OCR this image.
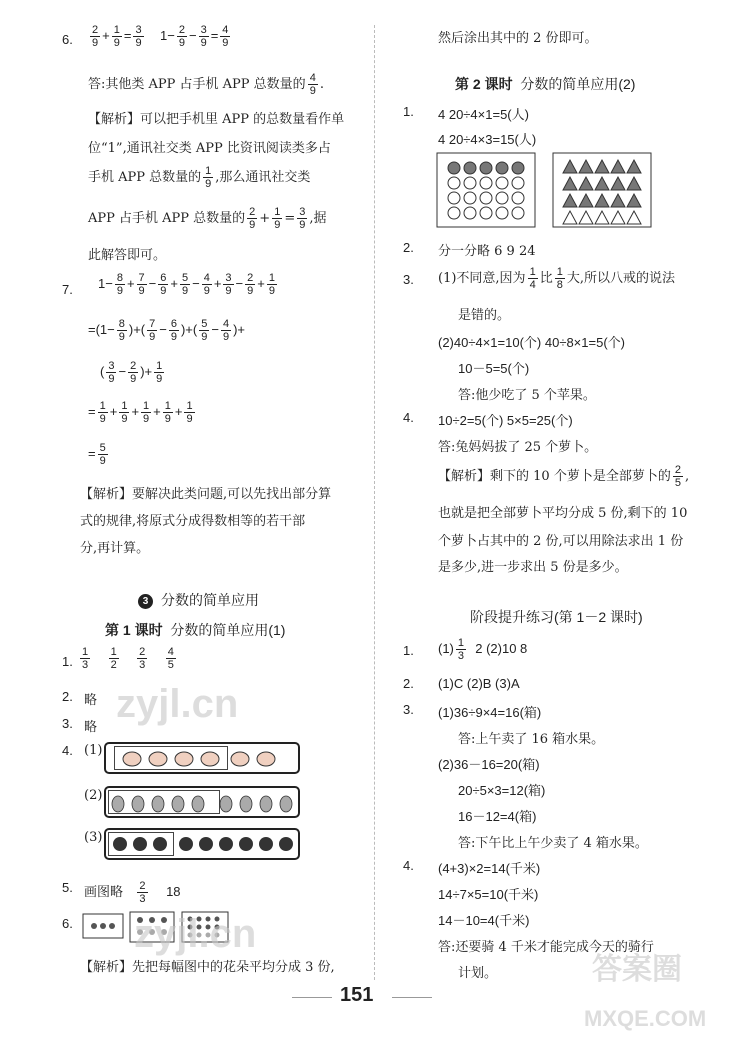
6. $\frac{2}{9} + \frac{1}{9} = \frac{3}{9} 1- \frac{2}{9} - \frac{3}{9} = \frac{4}{9}$
答:其他类 APP 占手机 APP 总数量的 $\frac{4}{9}$ .
【解析】可以把手机里 APP 的总数量看作单
位“1”,通讯社交类 APP 比资讯阅读类多占
手机 APP 总数量的 $\frac{1}{9}$ ,那么通讯社交类
APP 占手机 APP 总数量的 $\frac{2}{9} + \frac{1}{9} = \frac{3}{9}$ ,据
此解答即可。
7. $1- \frac{8}{9} + \frac{7}{9} - \frac{6}{9} + \frac{5}{9} - \frac{4}{9} + \frac{3}{9} - \frac{2}{9} + \frac{1}{9}$
$=(1- \frac{8}{9}$ )+( $\frac{7}{9} - \frac{6}{9}$ )+( $\frac{5}{9} - \frac{4}{9}$ )+
( $\frac{3}{9} - \frac{2}{9}$ )+ $\frac{1}{9}$
= $\frac{1}{9} + \frac{1}{9} + \frac{1}{9} + \frac{1}{9} + \frac{1}{9}$
= $\frac{5}{9}$
【解析】要解决此类问题,可以先找出部分算
式的规律,将原式分成得数相等的若干部
分,再计算。
3 分数的简单应用
第 1 课时 分数的简单应用(1)
1. $\frac{1}{3}$
$\frac{1}{2}$
$\frac{2}{3}$
$\frac{4}{5}$
2. 略
3. 略
4. (1)
(2)
(3)
5. 画图略 $\frac{2}{3} 18$
6.
【解析】先把每幅图中的花朵平均分成 3 份,
然后涂出其中的 2 份即可。
第 2 课时 分数的简单应用(2)
1. 4 20÷4×1=5(人)
4 20÷4×3=15(人)
2. 分一分略 6 9 24
3. (1)不同意,因为 $\frac{1}{4}$ 比 $\frac{1}{8}$ 大,所以八戒的说法
是错的。
(2)40÷4×1=10(个) 40÷8×1=5(个)
10－5=5(个)
答:他少吃了 5 个苹果。
4. 10÷2=5(个) 5×5=25(个)
答:兔妈妈拔了 25 个萝卜。
【解析】剩下的 10 个萝卜是全部萝卜的 $\frac{2}{5}$ ,
也就是把全部萝卜平均分成 5 份,剩下的 10
个萝卜占其中的 2 份,可以用除法求出 1 份
是多少,进一步求出 5 份是多少。
阶段提升练习(第 1－2 课时)
1. $(1) \frac{1}{3} 2$ (2)10 8
2. (1)C (2)B (3)A
3. (1)36÷9×4=16(箱)
答:上午卖了 16 箱水果。
(2)36－16=20(箱)
20÷5×3=12(箱)
16－12=4(箱)
答:下午比上午少卖了 4 箱水果。
4. (4+3)×2=14(千米)
14÷7×5=10(千米)
14－10=4(千米)
答:还要骑 4 千米才能完成今天的骑行
计划。
151
zyjl.cn
zyjl.cn
答案圈
MXQE.COM
